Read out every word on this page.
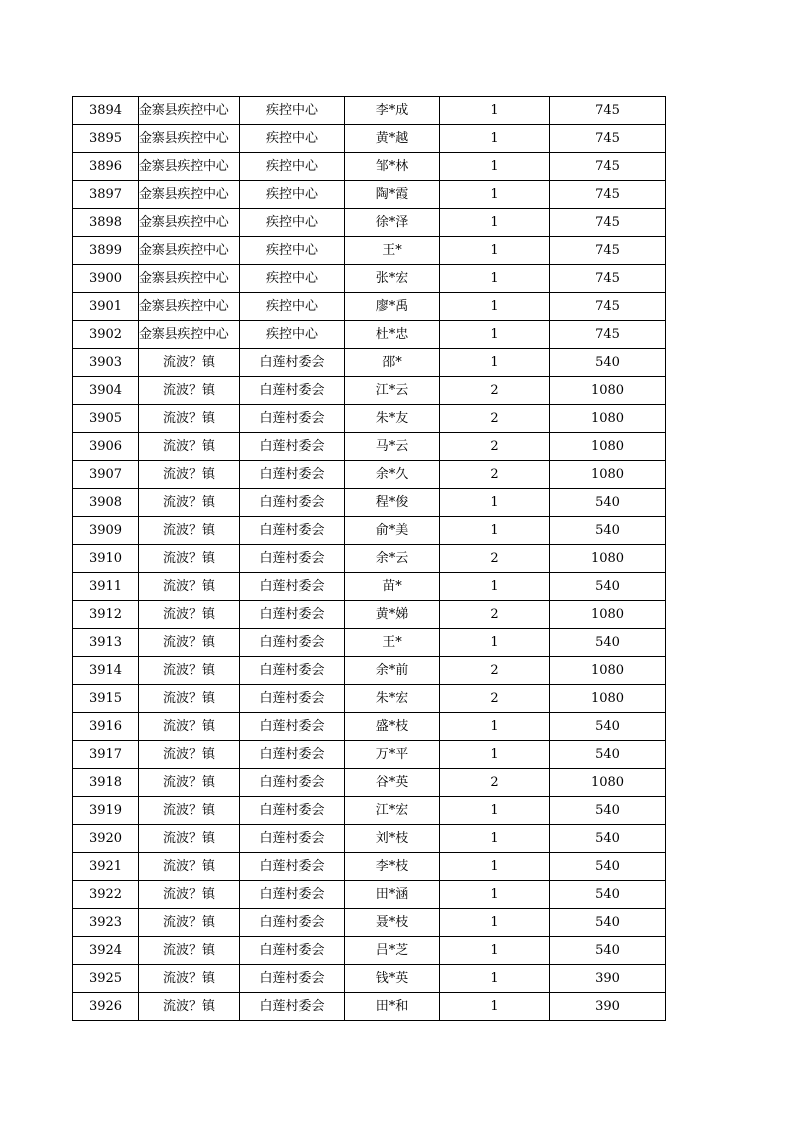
3894	金寨县疾控中心	疾控中心	李*成	1	745
3895	金寨县疾控中心	疾控中心	黄*越	1	745
3896	金寨县疾控中心	疾控中心	邹*林	1	745
3897	金寨县疾控中心	疾控中心	陶*霞	1	745
3898	金寨县疾控中心	疾控中心	徐*泽	1	745
3899	金寨县疾控中心	疾控中心	王*	1	745
3900	金寨县疾控中心	疾控中心	张*宏	1	745
3901	金寨县疾控中心	疾控中心	廖*禹	1	745
3902	金寨县疾控中心	疾控中心	杜*忠	1	745
3903	流波？镇	白莲村委会	邵*	1	540
3904	流波？镇	白莲村委会	江*云	2	1080
3905	流波？镇	白莲村委会	朱*友	2	1080
3906	流波？镇	白莲村委会	马*云	2	1080
3907	流波？镇	白莲村委会	余*久	2	1080
3908	流波？镇	白莲村委会	程*俊	1	540
3909	流波？镇	白莲村委会	俞*美	1	540
3910	流波？镇	白莲村委会	余*云	2	1080
3911	流波？镇	白莲村委会	苗*	1	540
3912	流波？镇	白莲村委会	黄*娣	2	1080
3913	流波？镇	白莲村委会	王*	1	540
3914	流波？镇	白莲村委会	余*前	2	1080
3915	流波？镇	白莲村委会	朱*宏	2	1080
3916	流波？镇	白莲村委会	盛*枝	1	540
3917	流波？镇	白莲村委会	万*平	1	540
3918	流波？镇	白莲村委会	谷*英	2	1080
3919	流波？镇	白莲村委会	江*宏	1	540
3920	流波？镇	白莲村委会	刘*枝	1	540
3921	流波？镇	白莲村委会	李*枝	1	540
3922	流波？镇	白莲村委会	田*涵	1	540
3923	流波？镇	白莲村委会	聂*枝	1	540
3924	流波？镇	白莲村委会	吕*芝	1	540
3925	流波？镇	白莲村委会	钱*英	1	390
3926	流波？镇	白莲村委会	田*和	1	390
